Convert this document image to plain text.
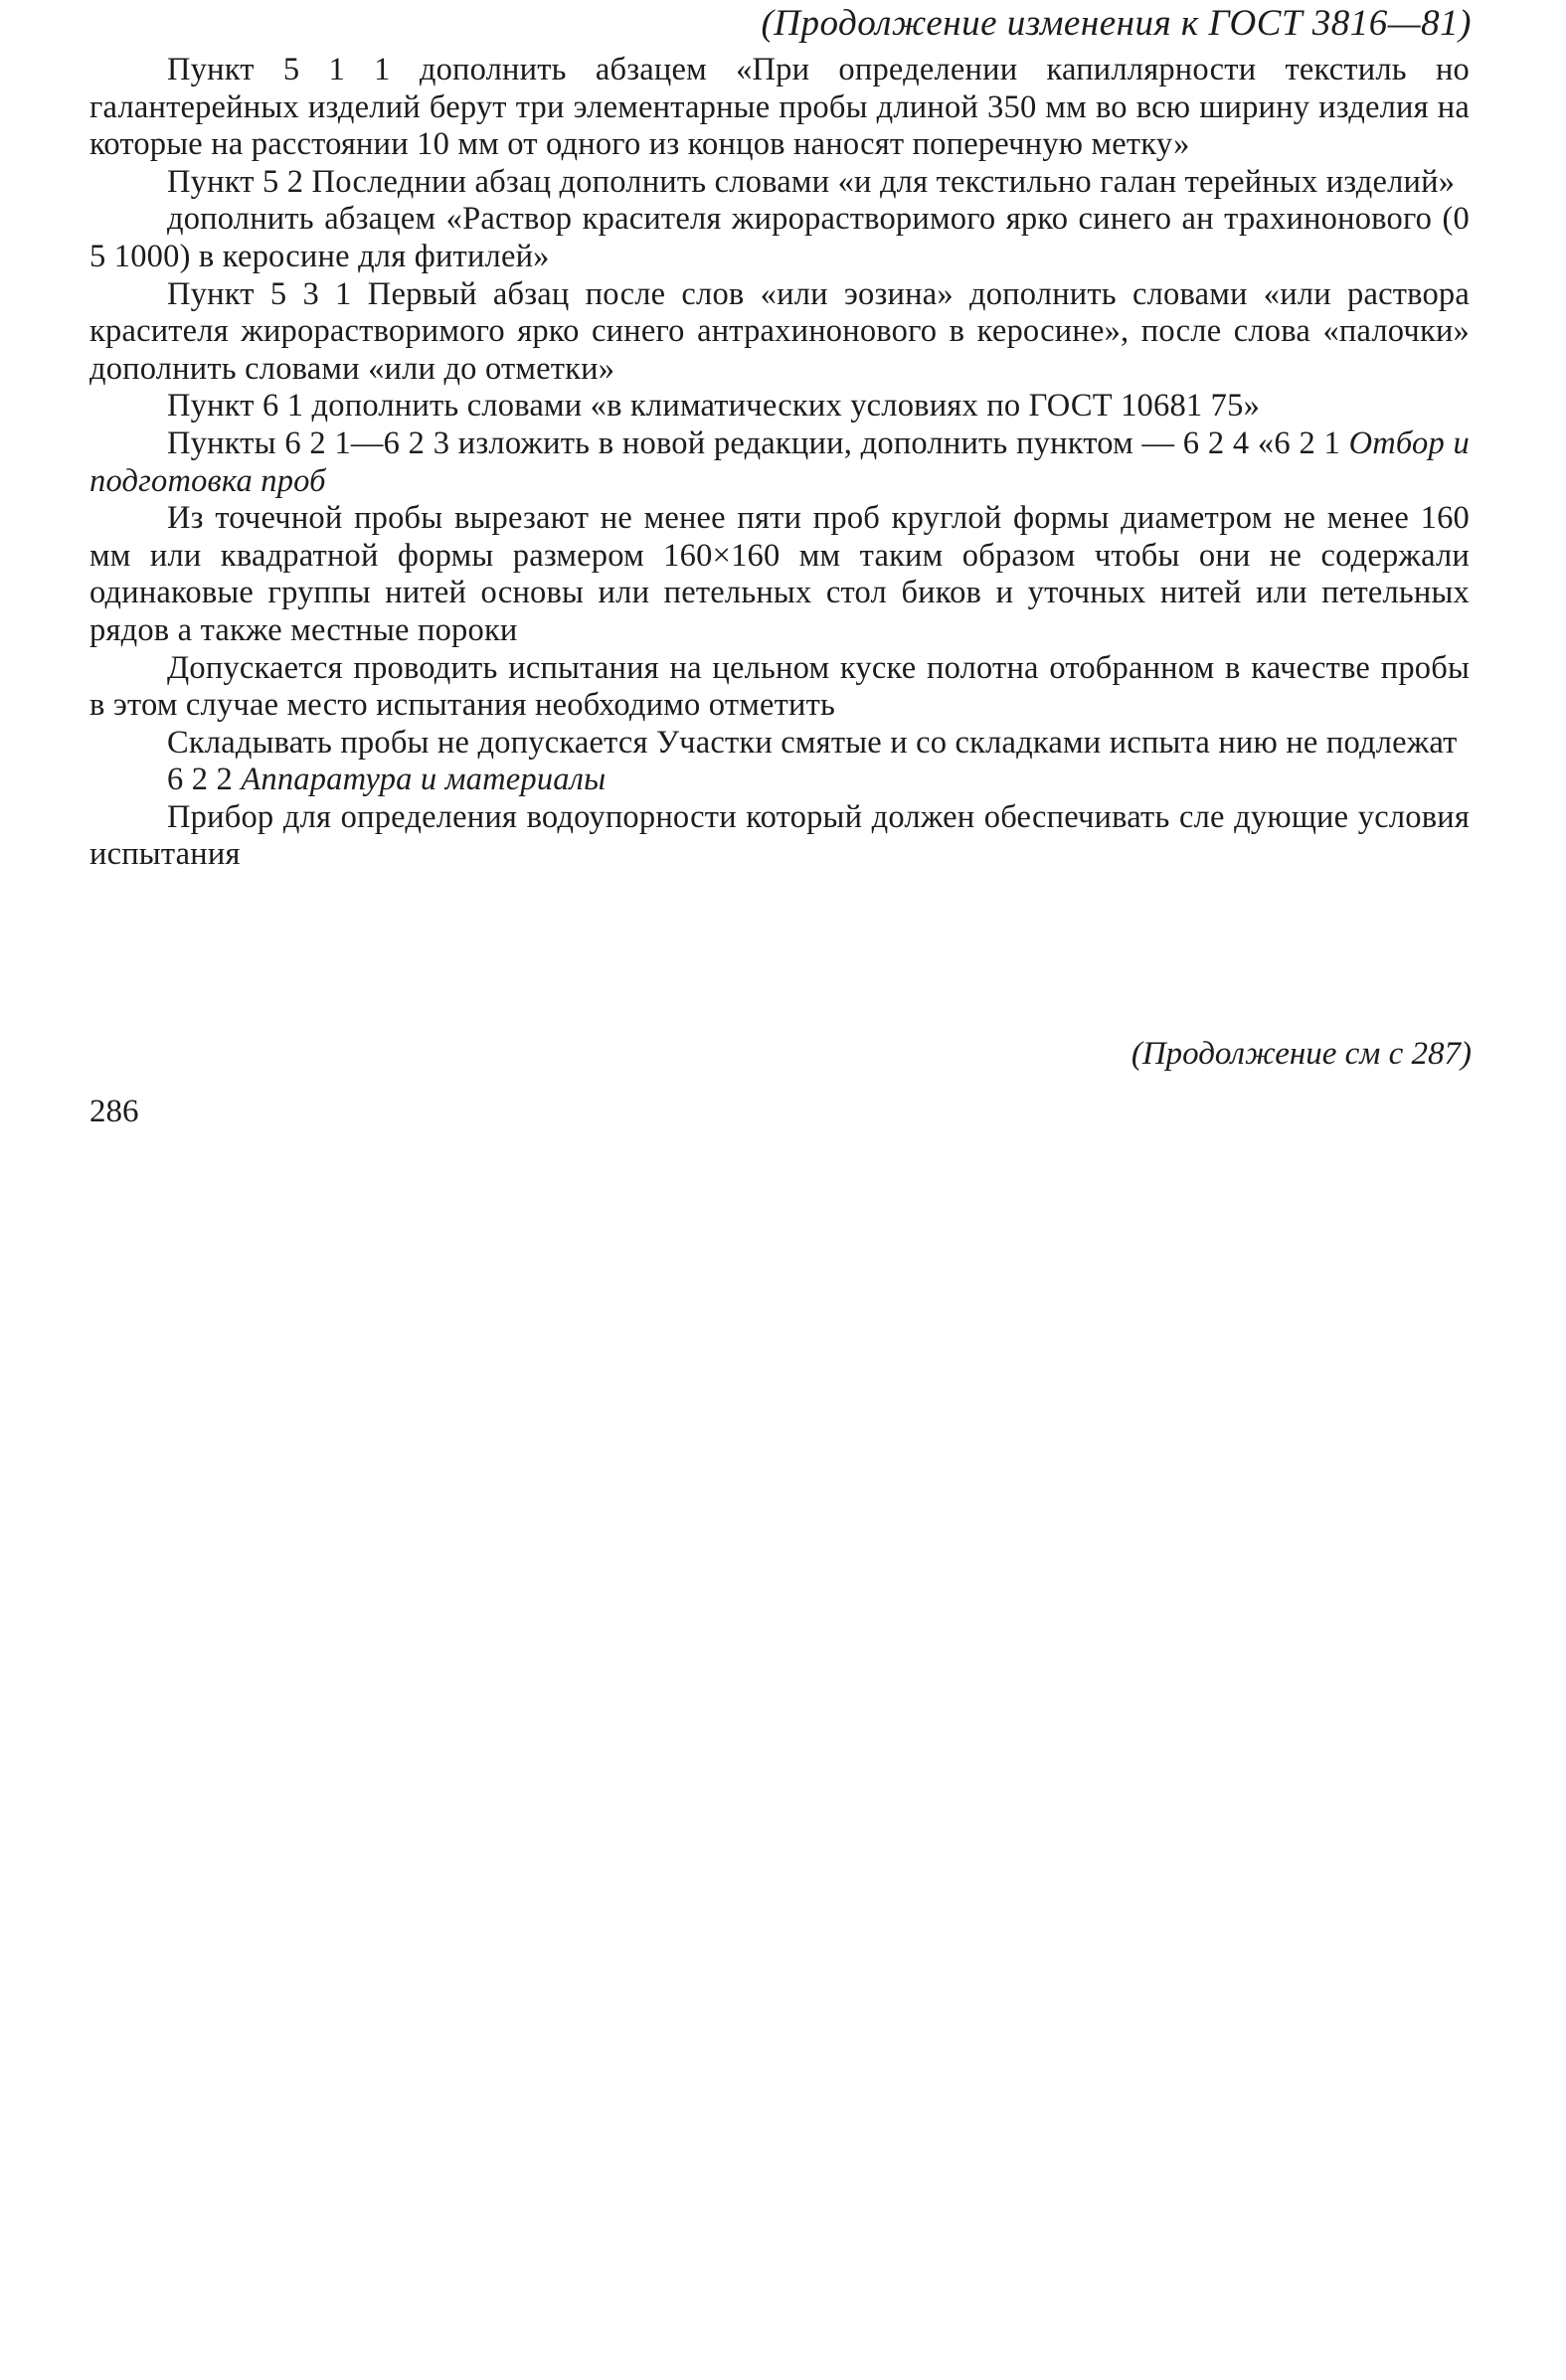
(Продолжение изменения к ГОСТ 3816—81)

Пункт 5 1 1 дополнить абзацем «При определении капиллярности текстиль но галантерейных изделий берут три элементарные пробы длиной 350 мм во всю ширину изделия на которые на расстоянии 10 мм от одного из концов наносят поперечную метку»

Пункт 5 2 Последнии абзац дополнить словами «и для текстильно галан терейных изделий»

дополнить абзацем «Раствор красителя жирорастворимого ярко синего ан трахинонового (0 5 1000) в керосине для фитилей»

Пункт 5 3 1 Первый абзац после слов «или эозина» дополнить словами «или раствора красителя жирорастворимого ярко синего антрахинонового в керосине», после слова «палочки» дополнить словами «или до отметки»

Пункт 6 1 дополнить словами «в климатических условиях по ГОСТ 10681 75»

Пункты 6 2 1—6 2 3 изложить в новой редакции, дополнить пунктом — 6 2 4 «6 2 1 Отбор и подготовка проб

Из точечной пробы вырезают не менее пяти проб круглой формы диаметром не менее 160 мм или квадратной формы размером 160×160 мм таким образом чтобы они не содержали одинаковые группы нитей основы или петельных стол биков и уточных нитей или петельных рядов а также местные пороки

Допускается проводить испытания на цельном куске полотна отобранном в качестве пробы в этом случае место испытания необходимо отметить

Складывать пробы не допускается Участки смятые и со складками испыта нию не подлежат

6 2 2 Аппаратура и материалы

Прибор для определения водоупорности который должен обеспечивать сле дующие условия испытания

(Продолжение см с 287)
286
